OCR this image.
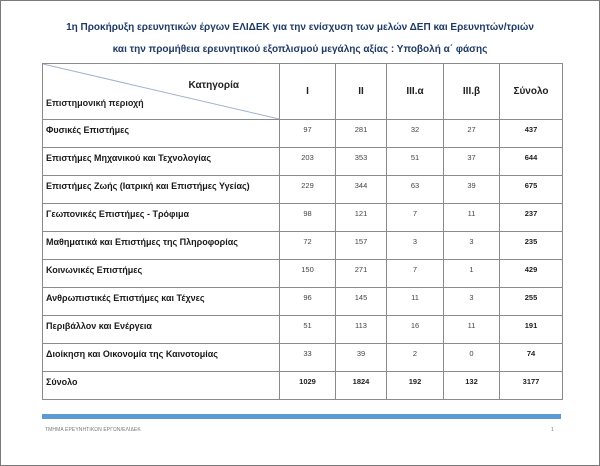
1η Προκήρυξη ερευνητικών έργων ΕΛΙΔΕΚ για την ενίσχυση των μελών ΔΕΠ και Ερευνητών/τριών
και την προμήθεια ερευνητικού εξοπλισμού μεγάλης αξίας : Υποβολή α΄ φάσης
Κατηγορία
Επιστημονική περιοχή	I	II	III.α	III.β	Σύνολο
Φυσικές Επιστήμες	97	281	32	27	437
Επιστήμες Μηχανικού και Τεχνολογίας	203	353	51	37	644
Επιστήμες Ζωής (Ιατρική και Επιστήμες Υγείας)	229	344	63	39	675
Γεωπονικές Επιστήμες - Τρόφιμα	98	121	7	11	237
Μαθηματικά και Επιστήμες της Πληροφορίας	72	157	3	3	235
Κοινωνικές Επιστήμες	150	271	7	1	429
Ανθρωπιστικές Επιστήμες και Τέχνες	96	145	11	3	255
Περιβάλλον και Ενέργεια	51	113	16	11	191
Διοίκηση και Οικονομία της Καινοτομίας	33	39	2	0	74
Σύνολο	1029	1824	192	132	3177
ΤΜΗΜΑ ΕΡΕΥΝΗΤΙΚΩΝ ΕΡΓΩΝ/ΕΛΙΔΕΚ	1
